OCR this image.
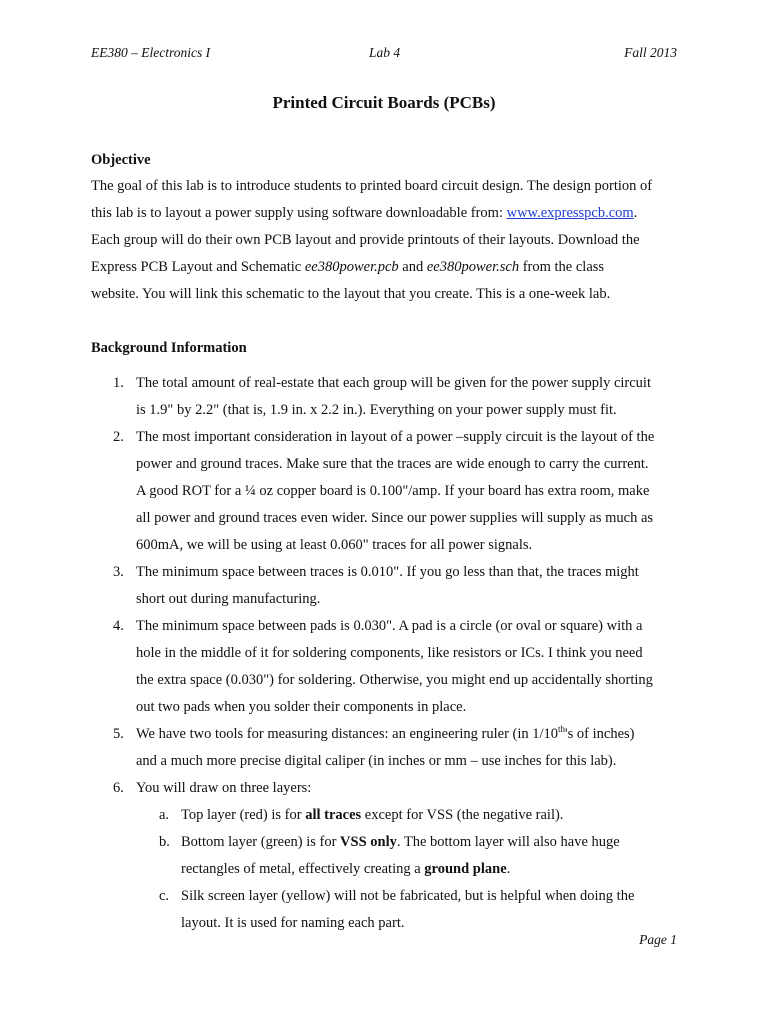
EE380 – Electronics I	Lab 4	Fall 2013
Printed Circuit Boards (PCBs)
Objective
The goal of this lab is to introduce students to printed board circuit design. The design portion of
this lab is to layout a power supply using software downloadable from: www.expresspcb.com.
Each group will do their own PCB layout and provide printouts of their layouts. Download the
Express PCB Layout and Schematic ee380power.pcb and ee380power.sch from the class
website. You will link this schematic to the layout that you create. This is a one-week lab.
Background Information
1. The total amount of real-estate that each group will be given for the power supply circuit
is 1.9" by 2.2" (that is, 1.9 in. x 2.2 in.). Everything on your power supply must fit.
2. The most important consideration in layout of a power –supply circuit is the layout of the
power and ground traces. Make sure that the traces are wide enough to carry the current.
A good ROT for a ¼ oz copper board is 0.100"/amp. If your board has extra room, make
all power and ground traces even wider. Since our power supplies will supply as much as
600mA, we will be using at least 0.060" traces for all power signals.
3. The minimum space between traces is 0.010". If you go less than that, the traces might
short out during manufacturing.
4. The minimum space between pads is 0.030". A pad is a circle (or oval or square) with a
hole in the middle of it for soldering components, like resistors or ICs. I think you need
the extra space (0.030") for soldering. Otherwise, you might end up accidentally shorting
out two pads when you solder their components in place.
5. We have two tools for measuring distances: an engineering ruler (in 1/10th's of inches)
and a much more precise digital caliper (in inches or mm – use inches for this lab).
6. You will draw on three layers:
a. Top layer (red) is for all traces except for VSS (the negative rail).
b. Bottom layer (green) is for VSS only. The bottom layer will also have huge
rectangles of metal, effectively creating a ground plane.
c. Silk screen layer (yellow) will not be fabricated, but is helpful when doing the
layout. It is used for naming each part.
Page 1
